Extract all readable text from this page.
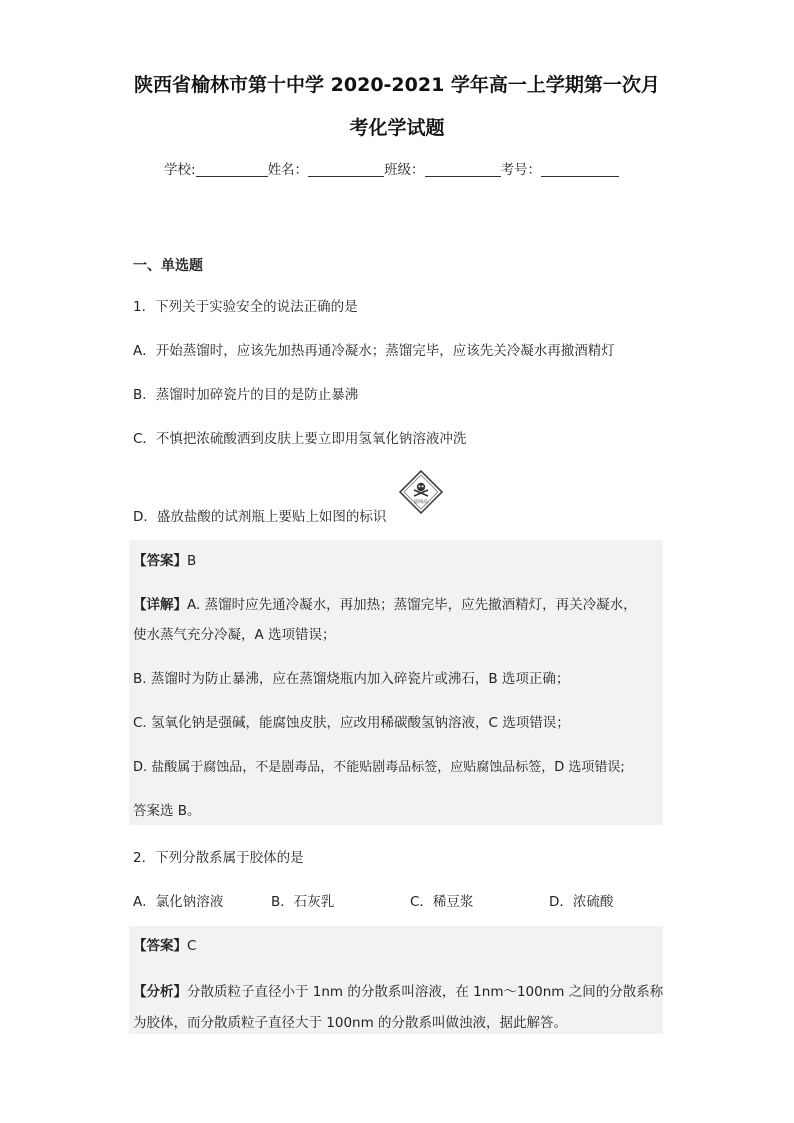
陕西省榆林市第十中学 2020-2021 学年高一上学期第一次月
考化学试题
学校:	姓名：	班级：	考号：
一、单选题
1．下列关于实验安全的说法正确的是
A．开始蒸馏时，应该先加热再通冷凝水；蒸馏完毕，应该先关冷凝水再撤酒精灯
B．蒸馏时加碎瓷片的目的是防止暴沸
C．不慎把浓硫酸洒到皮肤上要立即用氢氧化钠溶液冲洗
D．盛放盐酸的试剂瓶上要贴上如图的标识
剧毒品
【答案】B
【详解】A. 蒸馏时应先通冷凝水，再加热；蒸馏完毕，应先撤酒精灯，再关冷凝水，
使水蒸气充分冷凝，A 选项错误；
B. 蒸馏时为防止暴沸，应在蒸馏烧瓶内加入碎瓷片或沸石，B 选项正确；
C. 氢氧化钠是强碱，能腐蚀皮肤，应改用稀碳酸氢钠溶液，C 选项错误；
D. 盐酸属于腐蚀品，不是剧毒品，不能贴剧毒品标签，应贴腐蚀品标签，D 选项错误;
答案选 B。
2．下列分散系属于胶体的是
A．氯化钠溶液	B．石灰乳	C．稀豆浆	D．浓硫酸
【答案】C
【分析】分散质粒子直径小于 1nm 的分散系叫溶液，在 1nm～100nm 之间的分散系称
为胶体，而分散质粒子直径大于 100nm 的分散系叫做浊液，据此解答。
